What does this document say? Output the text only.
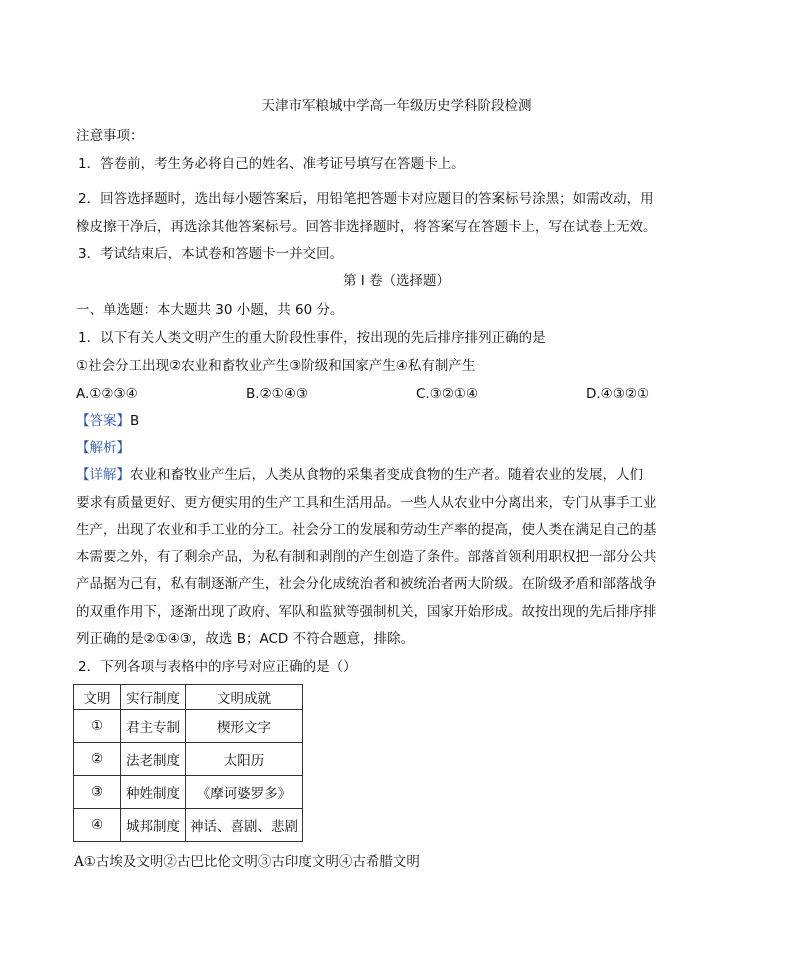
天津市军粮城中学高一年级历史学科阶段检测
注意事项：
1．答卷前，考生务必将自己的姓名、准考证号填写在答题卡上。
2．回答选择题时，选出每小题答案后，用铅笔把答题卡对应题目的答案标号涂黑；如需改动，用
橡皮擦干净后，再选涂其他答案标号。回答非选择题时，将答案写在答题卡上，写在试卷上无效。
3．考试结束后，本试卷和答题卡一并交回。
第 I 卷（选择题）
一、单选题：本大题共 30 小题，共 60 分。
1．以下有关人类文明产生的重大阶段性事件，按出现的先后排序排列正确的是
①社会分工出现②农业和畜牧业产生③阶级和国家产生④私有制产生
A.①②③④	B.②①④③	C.③②①④	D.④③②①
【答案】B
【解析】
【详解】农业和畜牧业产生后，人类从食物的采集者变成食物的生产者。随着农业的发展，人们
要求有质量更好、更方便实用的生产工具和生活用品。一些人从农业中分离出来，专门从事手工业
生产，出现了农业和手工业的分工。社会分工的发展和劳动生产率的提高，使人类在满足自己的基
本需要之外，有了剩余产品，为私有制和剥削的产生创造了条件。部落首领利用职权把一部分公共
产品据为己有，私有制逐渐产生，社会分化成统治者和被统治者两大阶级。在阶级矛盾和部落战争
的双重作用下，逐渐出现了政府、军队和监狱等强制机关，国家开始形成。故按出现的先后排序排
列正确的是②①④③，故选 B；ACD 不符合题意，排除。
2．下列各项与表格中的序号对应正确的是（）
文明	实行制度	文明成就
①	君主专制	楔形文字
②	法老制度	太阳历
③	种姓制度	《摩诃婆罗多》
④	城邦制度	神话、喜剧、悲剧
A①古埃及文明②古巴比伦文明③古印度文明④古希腊文明
